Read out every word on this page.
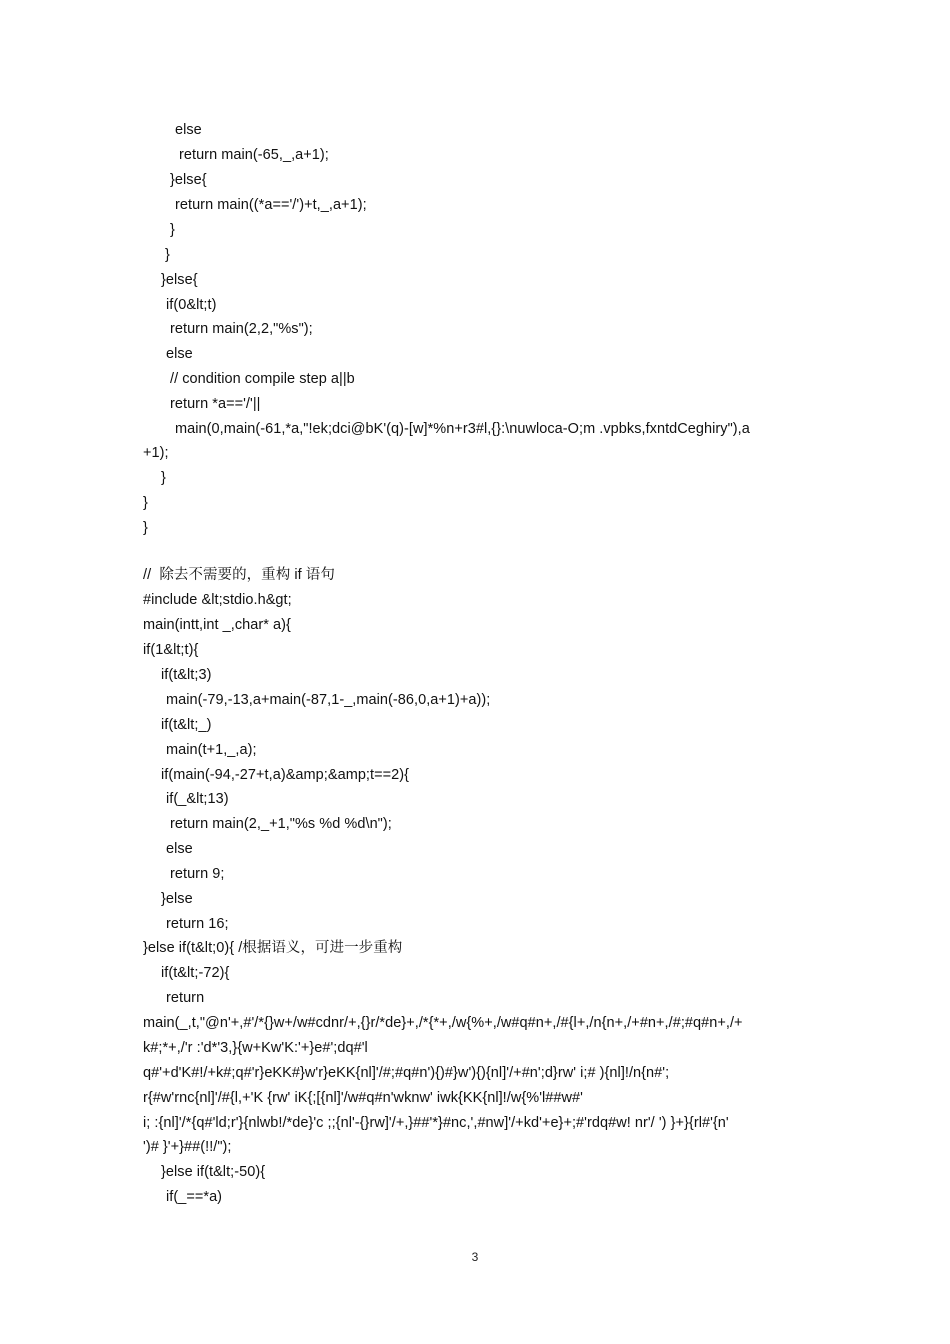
else
return main(-65,_,a+1);
}else{
return main((*a=='/')+t,_,a+1);
}
}
}else{
if(0&lt;t)
return main(2,2,"%s");
else
// condition compile step a||b
return *a=='/'||
main(0,main(-61,*a,"!ek;dci@bK'(q)-[w]*%n+r3#l,{}:\nuwloca-O;m .vpbks,fxntdCeghiry"),a
+1);
}
}
}
//  除去不需要的，重构 if 语句
#include &lt;stdio.h&gt;
main(intt,int _,char* a){
if(1&lt;t){
if(t&lt;3)
main(-79,-13,a+main(-87,1-_,main(-86,0,a+1)+a));
if(t&lt;_)
main(t+1,_,a);
if(main(-94,-27+t,a)&amp;&amp;t==2){
if(_&lt;13)
return main(2,_+1,"%s %d %d\n");
else
return 9;
}else
return 16;
}else if(t&lt;0){ /根据语义，可进一步重构
if(t&lt;-72){
return
main(_,t,"@n'+,#'/*{}w+/w#cdnr/+,{}r/*de}+,/*{*+,/w{%+,/w#q#n+,/#{l+,/n{n+,/+#n+,/#;#q#n+,/+
k#;*+,/'r :'d*'3,}{w+Kw'K:'+}e#';dq#'l
q#'+d'K#!/+k#;q#'r}eKK#}w'r}eKK{nl]'/#;#q#n'){)#}w'){){nl]'/+#n';d}rw' i;# ){nl]!/n{n#';
r{#w'rnc{nl]'/#{l,+'K {rw' iK{;[{nl]'/w#q#n'wknw' iwk{KK{nl]!/w{%'l##w#'
i; :{nl]'/*{q#'ld;r'}{nlwb!/*de}'c ;;{nl'-{}rw]'/+,}##'*}#nc,',#nw]'/+kd'+e}+;#'rdq#w! nr'/ ') }+}{rl#'{n'
')# }'+}##(!!/");
}else if(t&lt;-50){
if(_==*a)
3
